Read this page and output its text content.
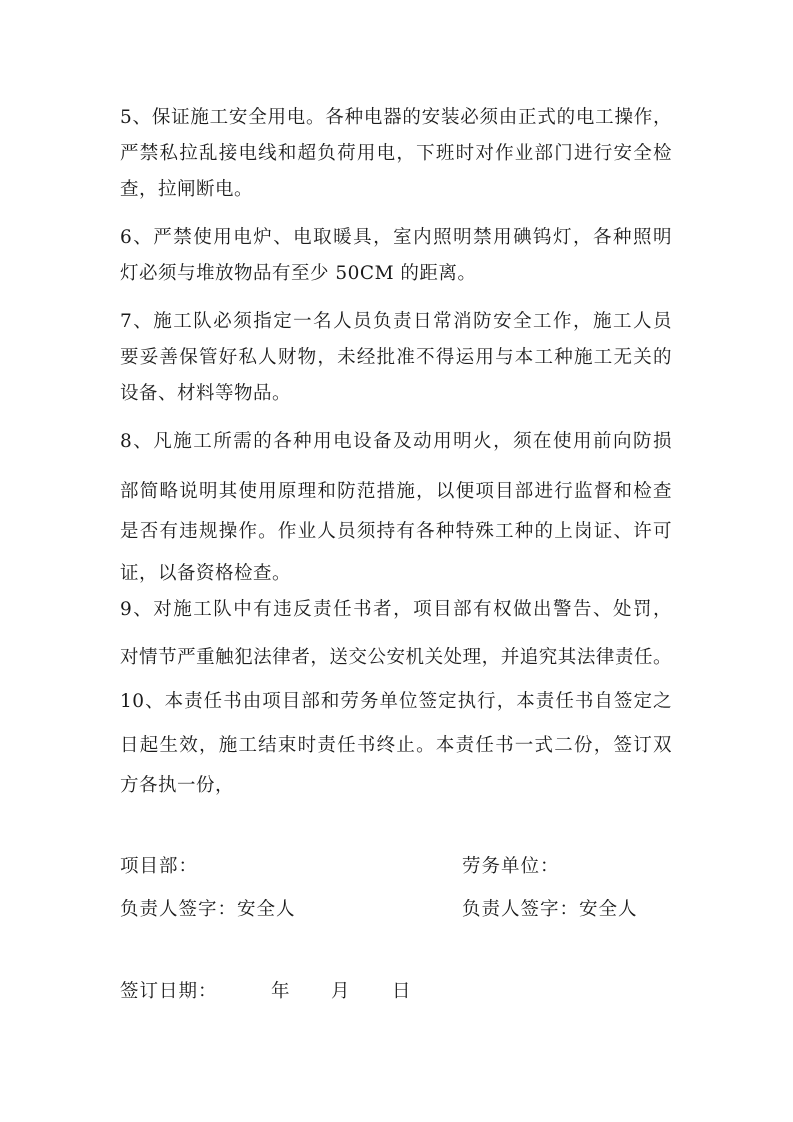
5、保证施工安全用电。各种电器的安装必须由正式的电工操作，
严禁私拉乱接电线和超负荷用电，下班时对作业部门进行安全检
查，拉闸断电。
6、严禁使用电炉、电取暖具，室内照明禁用碘钨灯，各种照明
灯必须与堆放物品有至少 50CM 的距离。
7、施工队必须指定一名人员负责日常消防安全工作，施工人员
要妥善保管好私人财物，未经批准不得运用与本工种施工无关的
设备、材料等物品。
8、凡施工所需的各种用电设备及动用明火，须在使用前向防损
部简略说明其使用原理和防范措施，以便项目部进行监督和检查
是否有违规操作。作业人员须持有各种特殊工种的上岗证、许可
证，以备资格检查。
9、对施工队中有违反责任书者，项目部有权做出警告、处罚，
对情节严重触犯法律者，送交公安机关处理，并追究其法律责任。
10、本责任书由项目部和劳务单位签定执行，本责任书自签定之
日起生效，施工结束时责任书终止。本责任书一式二份，签订双
方各执一份，
项目部：	劳务单位：
负责人签字：安全人	负责人签字：安全人
签订日期：	年 月 日
